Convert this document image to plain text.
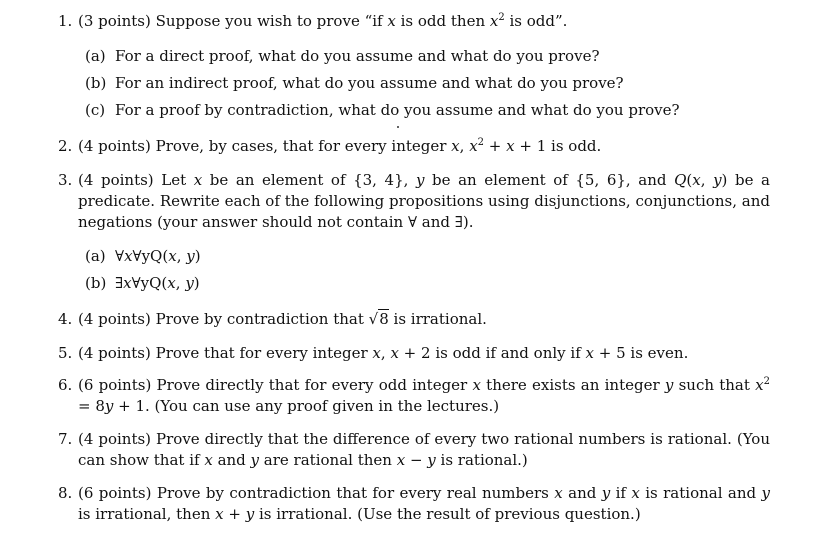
1. (3 points) Suppose you wish to prove “if x is odd then $x^2$ is odd”.
(a) For a direct proof, what do you assume and what do you prove?
(b) For an indirect proof, what do you assume and what do you prove?
(c) For a proof by contradiction, what do you assume and what do you prove?
2. (4 points) Prove, by cases, that for every integer x, $x^2 + x + 1$ is odd.
3. (4 points) Let x be an element of {3, 4}, y be an element of {5, 6}, and Q(x, y) be a predicate. Rewrite each of the following propositions using disjunctions, conjunctions, and negations (your answer should not contain ∀ and ∃).
(a) ∀x∀yQ(x, y)
(b) ∃x∀yQ(x, y)
4. (4 points) Prove by contradiction that √8 is irrational.
5. (4 points) Prove that for every integer x, x + 2 is odd if and only if x + 5 is even.
6. (6 points) Prove directly that for every odd integer x there exists an integer y such that $x^2 = 8y + 1$. (You can use any proof given in the lectures.)
7. (4 points) Prove directly that the difference of every two rational numbers is rational. (You can show that if x and y are rational then x − y is rational.)
8. (6 points) Prove by contradiction that for every real numbers x and y if x is rational and y is irrational, then x + y is irrational. (Use the result of previous question.)
